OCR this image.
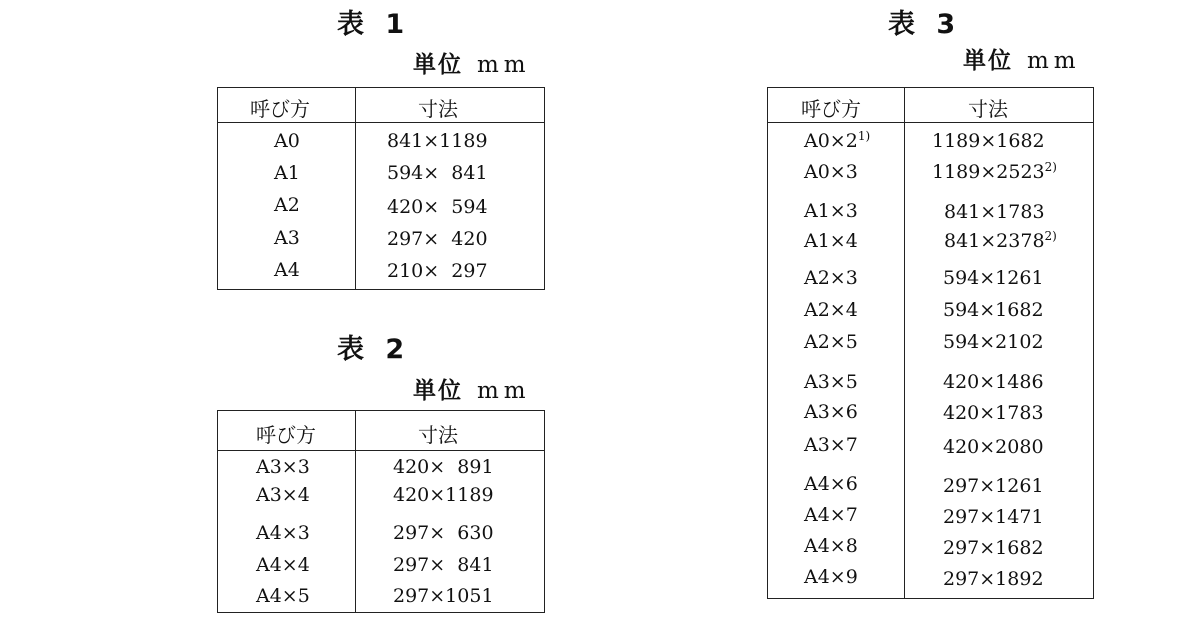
表 1
単位 mm
呼び方	寸法
A0	841×1189
A1	594×  841
A2	420×  594
A3	297×  420
A4	210×  297
表 2
単位 mm
呼び方	寸法
A3×3	420×  891
A3×4	420×1189
A4×3	297×  630
A4×4	297×  841
A4×5	297×1051
表 3
単位 mm
呼び方	寸法
$A0\times 2^{1)}$	1189×1682
A0×3	$1189\times 2523^{2)}$
A1×3	841×1783
A1×4	$841\times 2378^{2)}$
A2×3	594×1261
A2×4	594×1682
A2×5	594×2102
A3×5	420×1486
A3×6	420×1783
A3×7	420×2080
A4×6	297×1261
A4×7	297×1471
A4×8	297×1682
A4×9	297×1892
